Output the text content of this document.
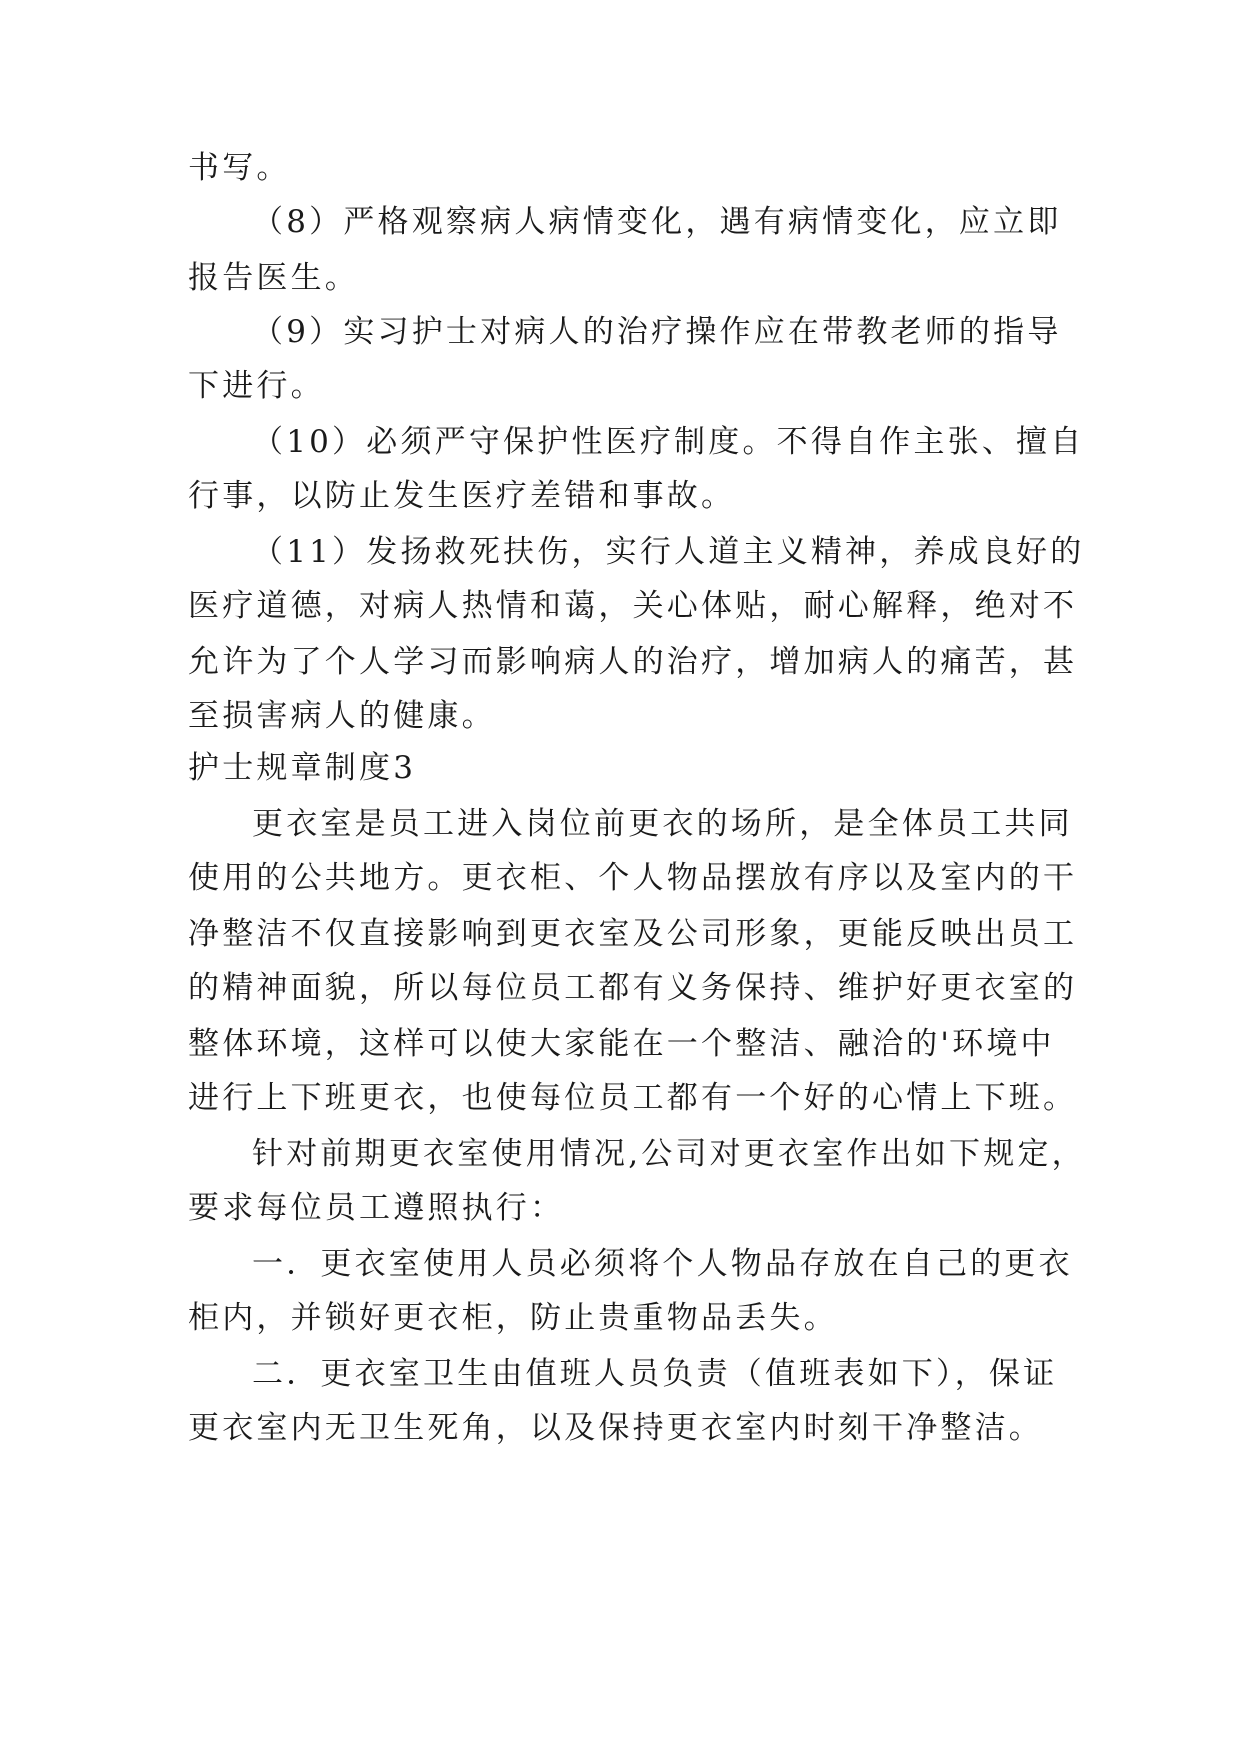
书写。
（8）严格观察病人病情变化，遇有病情变化，应立即
报告医生。
（9）实习护士对病人的治疗操作应在带教老师的指导
下进行。
（10）必须严守保护性医疗制度。不得自作主张、擅自
行事，以防止发生医疗差错和事故。
（11）发扬救死扶伤，实行人道主义精神，养成良好的
医疗道德，对病人热情和蔼，关心体贴，耐心解释，绝对不
允许为了个人学习而影响病人的治疗，增加病人的痛苦，甚
至损害病人的健康。
护士规章制度3
更衣室是员工进入岗位前更衣的场所，是全体员工共同
使用的公共地方。更衣柜、个人物品摆放有序以及室内的干
净整洁不仅直接影响到更衣室及公司形象，更能反映出员工
的精神面貌，所以每位员工都有义务保持、维护好更衣室的
整体环境，这样可以使大家能在一个整洁、融洽的'环境中
进行上下班更衣，也使每位员工都有一个好的心情上下班。
针对前期更衣室使用情况,公司对更衣室作出如下规定，
要求每位员工遵照执行：
一．更衣室使用人员必须将个人物品存放在自己的更衣
柜内，并锁好更衣柜，防止贵重物品丢失。
二．更衣室卫生由值班人员负责（值班表如下），保证
更衣室内无卫生死角，以及保持更衣室内时刻干净整洁。
